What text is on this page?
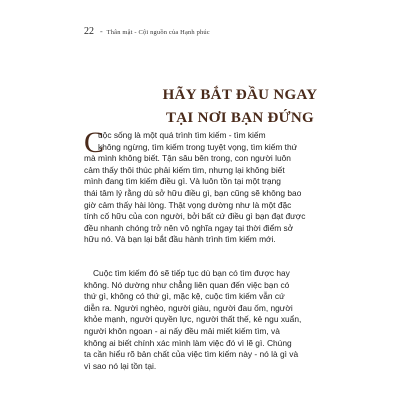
22 - Thân mật - Cội nguồn của Hạnh phúc
HÃY BẮT ĐẦU NGAY
TẠI NƠI BẠN ĐỨNG
C
uộc sống là một quá trình tìm kiếm - tìm kiếm
không ngừng, tìm kiếm trong tuyệt vọng, tìm kiếm thứ
mà mình không biết. Tận sâu bên trong, con người luôn
cảm thấy thôi thúc phải kiếm tìm, nhưng lại không biết
mình đang tìm kiếm điều gì. Và luôn tồn tại một trạng
thái tâm lý rằng dù sở hữu điều gì, bạn cũng sẽ không bao
giờ cảm thấy hài lòng. Thật vọng dường như là một đặc
tính cố hữu của con người, bởi bất cứ điều gì bạn đạt được
đều nhanh chóng trở nên vô nghĩa ngay tại thời điểm sở
hữu nó. Và bạn lại bắt đầu hành trình tìm kiếm mới.
Cuộc tìm kiếm đó sẽ tiếp tục dù bạn có tìm được hay
không. Nó dường như chẳng liên quan đến việc bạn có
thứ gì, không có thứ gì, mặc kệ, cuộc tìm kiếm vẫn cứ
diễn ra. Người nghèo, người giàu, người đau ốm, người
khỏe mạnh, người quyền lực, người thất thế, kẻ ngu xuẩn,
người khôn ngoan - ai nấy đều mải miết kiếm tìm, và
không ai biết chính xác mình làm việc đó vì lẽ gì. Chúng
ta cần hiểu rõ bản chất của việc tìm kiếm này - nó là gì và
vì sao nó lại tồn tại.
